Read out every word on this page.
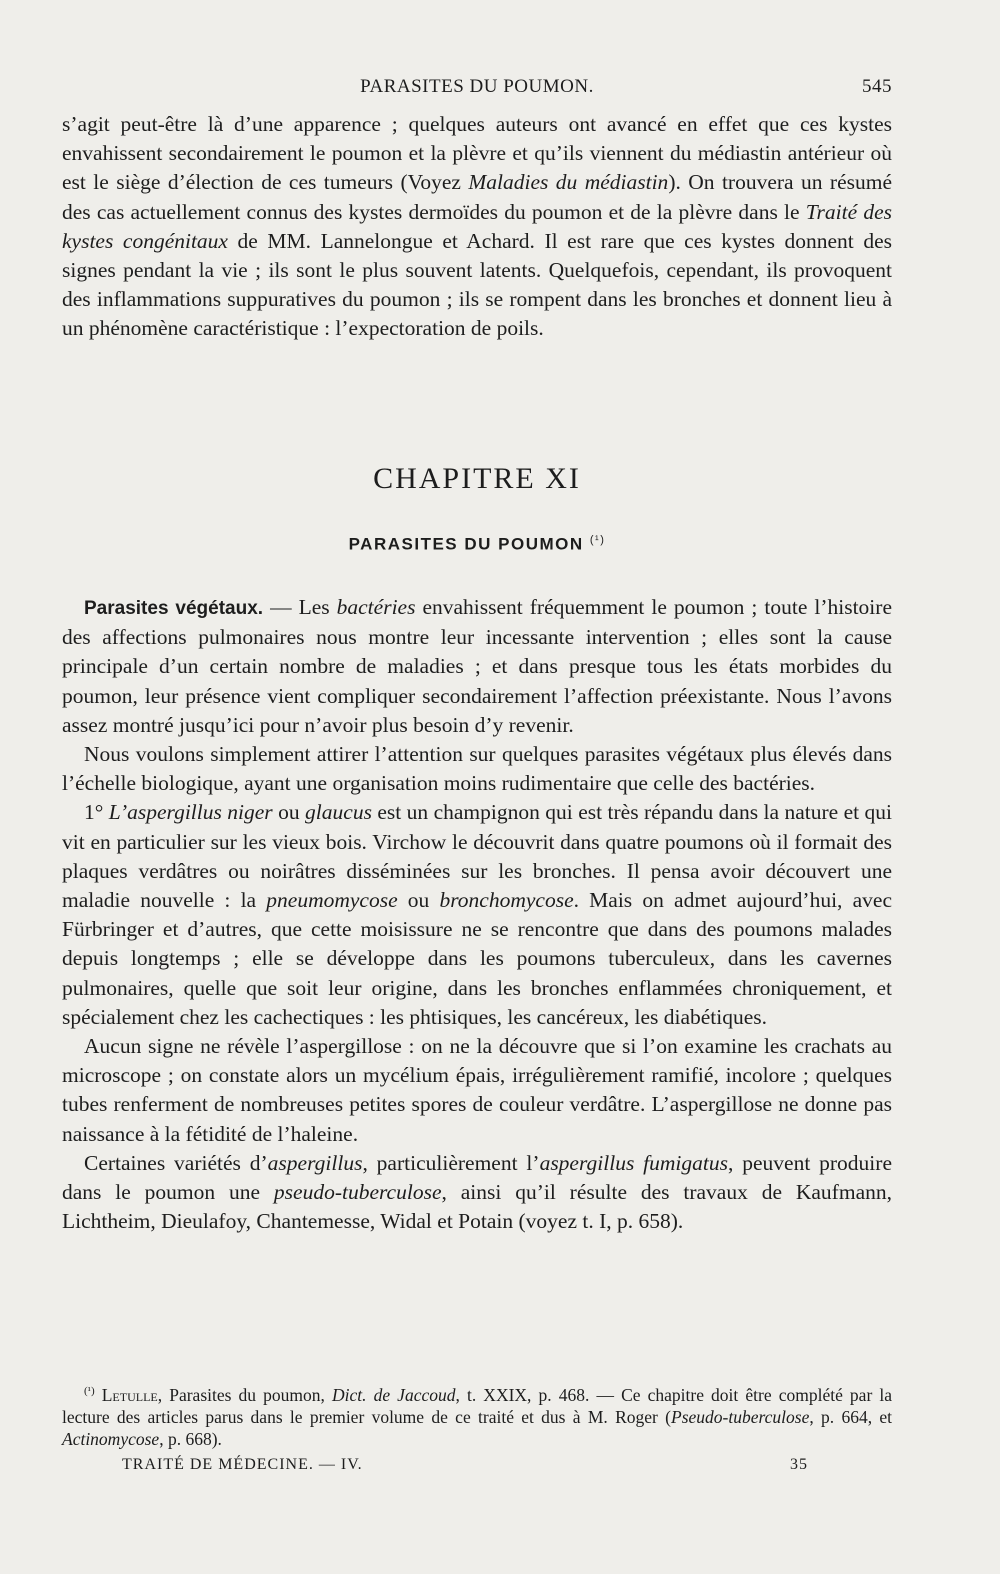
PARASITES DU POUMON.	545

s’agit peut-être là d’une apparence ; quelques auteurs ont avancé en effet que ces kystes envahissent secondairement le poumon et la plèvre et qu’ils viennent du médiastin antérieur où est le siège d’élection de ces tumeurs (Voyez Maladies du médiastin). On trouvera un résumé des cas actuellement connus des kystes dermoïdes du poumon et de la plèvre dans le Traité des kystes congénitaux de MM. Lannelongue et Achard. Il est rare que ces kystes donnent des signes pendant la vie ; ils sont le plus souvent latents. Quelquefois, cependant, ils provoquent des inflammations suppuratives du poumon ; ils se rompent dans les bronches et donnent lieu à un phénomène caractéristique : l’expectoration de poils.

CHAPITRE XI
PARASITES DU POUMON $^{(^1)}$

Parasites végétaux. — Les bactéries envahissent fréquemment le poumon ; toute l’histoire des affections pulmonaires nous montre leur incessante intervention ; elles sont la cause principale d’un certain nombre de maladies ; et dans presque tous les états morbides du poumon, leur présence vient compliquer secondairement l’affection préexistante. Nous l’avons assez montré jusqu’ici pour n’avoir plus besoin d’y revenir.

Nous voulons simplement attirer l’attention sur quelques parasites végétaux plus élevés dans l’échelle biologique, ayant une organisation moins rudimentaire que celle des bactéries.

1° L’aspergillus niger ou glaucus est un champignon qui est très répandu dans la nature et qui vit en particulier sur les vieux bois. Virchow le découvrit dans quatre poumons où il formait des plaques verdâtres ou noirâtres disséminées sur les bronches. Il pensa avoir découvert une maladie nouvelle : la pneumomycose ou bronchomycose. Mais on admet aujourd’hui, avec Fürbringer et d’autres, que cette moisissure ne se rencontre que dans des poumons malades depuis longtemps ; elle se développe dans les poumons tuberculeux, dans les cavernes pulmonaires, quelle que soit leur origine, dans les bronches enflammées chroniquement, et spécialement chez les cachectiques : les phtisiques, les cancéreux, les diabétiques.

Aucun signe ne révèle l’aspergillose : on ne la découvre que si l’on examine les crachats au microscope ; on constate alors un mycélium épais, irrégulièrement ramifié, incolore ; quelques tubes renferment de nombreuses petites spores de couleur verdâtre. L’aspergillose ne donne pas naissance à la fétidité de l’haleine.

Certaines variétés d’aspergillus, particulièrement l’aspergillus fumigatus, peuvent produire dans le poumon une pseudo-tuberculose, ainsi qu’il résulte des travaux de Kaufmann, Lichtheim, Dieulafoy, Chantemesse, Widal et Potain (voyez t. I, p. 658).

$^{(^1)}$ Letulle, Parasites du poumon, Dict. de Jaccoud, t. XXIX, p. 468. — Ce chapitre doit être complété par la lecture des articles parus dans le premier volume de ce traité et dus à M. Roger (Pseudo-tuberculose, p. 664, et Actinomycose, p. 668).

TRAITÉ DE MÉDECINE. — IV.	35
